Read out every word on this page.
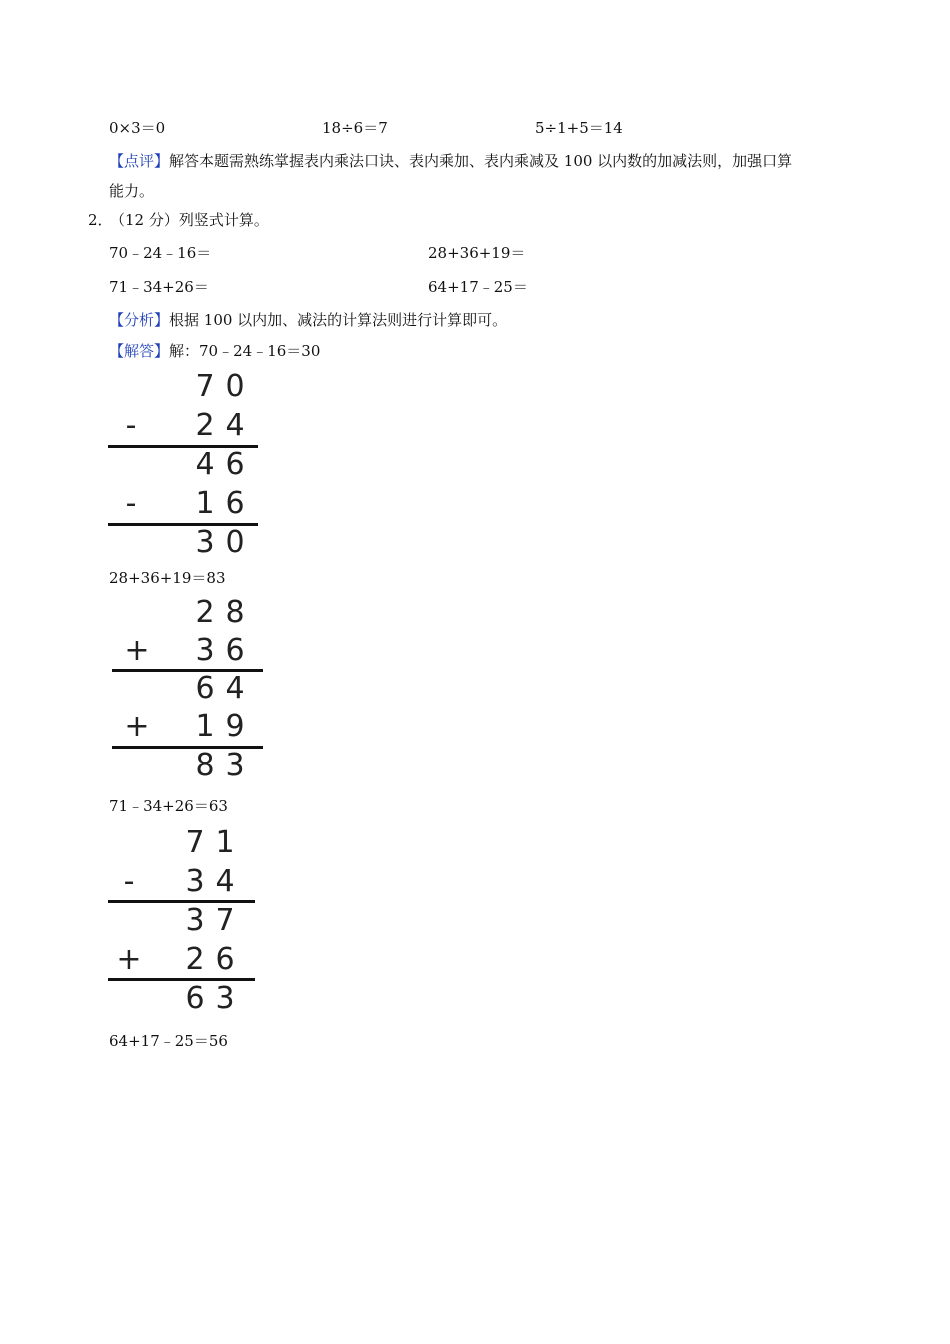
0×3＝0	18÷6＝7	5÷1+5＝14
【点评】解答本题需熟练掌握表内乘法口诀、表内乘加、表内乘减及 100 以内数的加减法则，加强口算
能力。
2．
（12 分）列竖式计算。
70﹣24﹣16＝	28+36+19＝
71﹣34+26＝	64+17﹣25＝
【分析】根据 100 以内加、减法的计算法则进行计算即可。
【解答】解：70﹣24﹣16＝30
7 0
-	2 4
4 6
-	1 6
3 0
28+36+19＝83
2 8
+ 3 6
6 4
+ 1 9
8 3
71﹣34+26＝63
7 1
-	3 4
3 7
+ 2 6
6 3
64+17﹣25＝56
